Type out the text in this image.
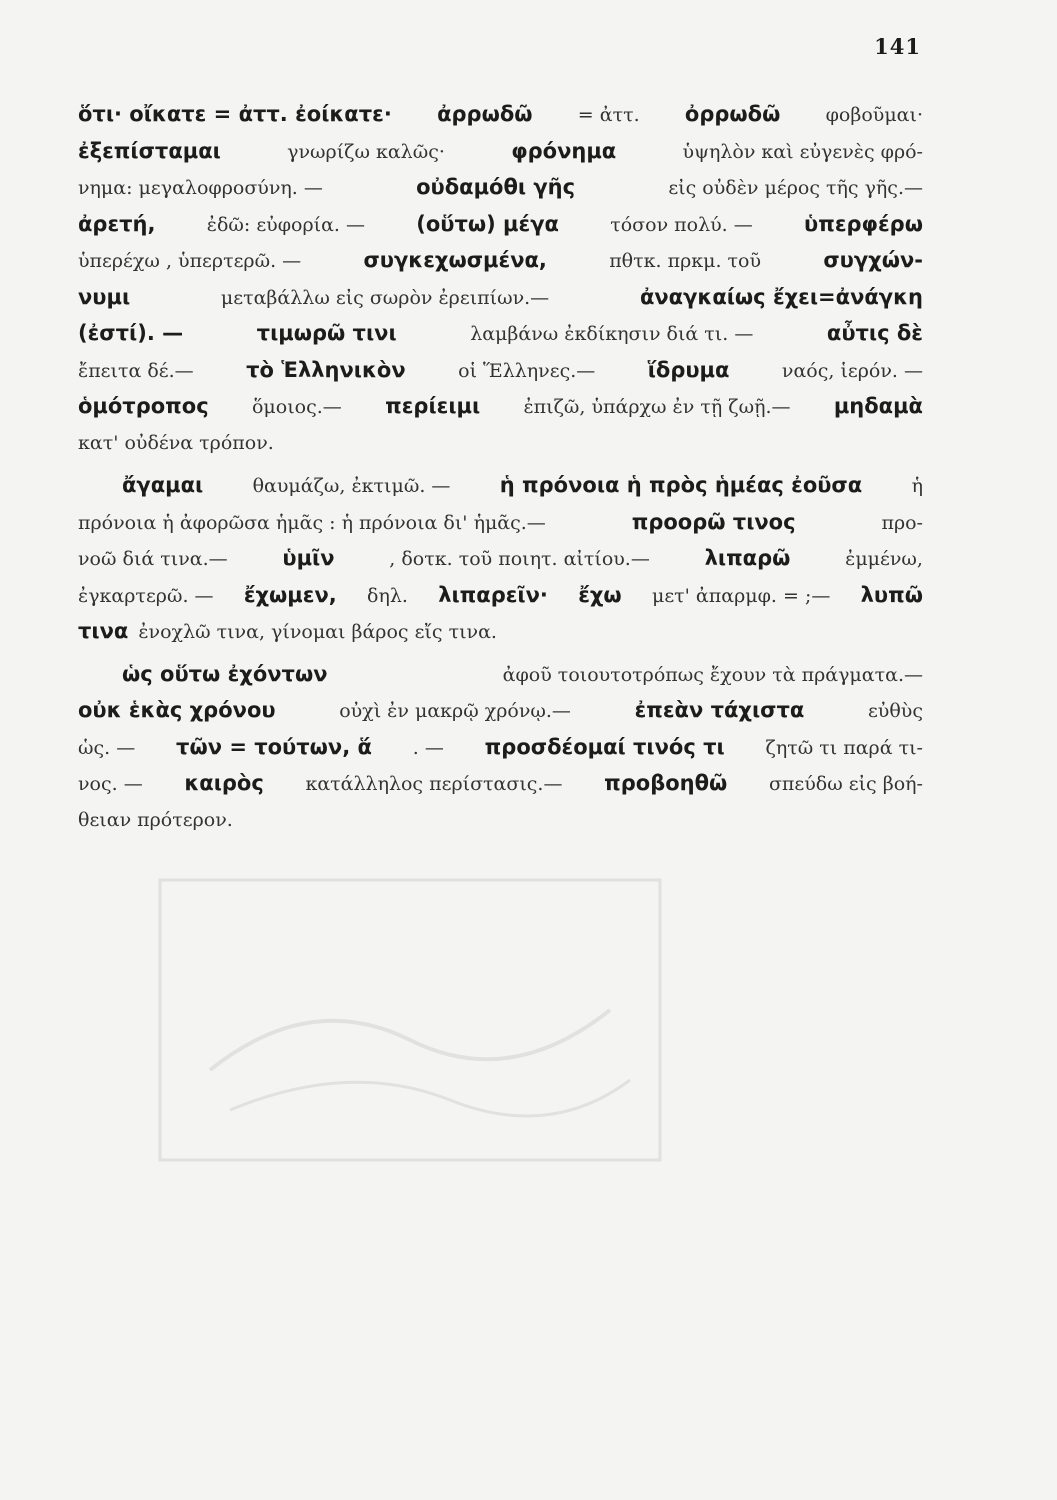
141
ὅτι· οἴκατε = ἀττ. ἐοίκατε· ἀρρωδῶ = ἀττ. ὀρρωδῶ φοβοῦμαι·
ἐξεπίσταμαι	γνωρίζω καλῶς·	φρόνημα	ὑψηλὸν καὶ εὐγενὲς φρό-
νημα: μεγαλοφροσύνη. —	οὐδαμόθι γῆς	εἰς οὐδὲν μέρος τῆς γῆς.—
ἀρετή,	ἐδῶ: εὐφορία. — (οὕτω) μέγα	τόσον πολύ. — ὑπερφέρω
ὑπερέχω , ὑπερτερῶ. —	συγκεχωσμένα,	πθτκ. πρκμ. τοῦ	συγχών-
νυμι	μεταβάλλω εἰς σωρὸν ἐρειπίων.—	ἀναγκαίως ἔχει=ἀνάγκη
(ἐστί). —	τιμωρῶ τινι	λαμβάνω ἐκδίκησιν διά τι. —	αὖτις δὲ
ἔπειτα δέ.— τὸ Ἑλληνικὸν	οἱ Ἕλληνες.— ἵδρυμα	ναός, ἱερόν. —
ὁμότροπος ὅμοιος.— περίειμι ἐπιζῶ, ὑπάρχω ἐν τῇ ζωῇ.— μηδαμὰ
κατ' οὐδένα τρόπον.
ἄγαμαι	θαυμάζω, ἐκτιμῶ. — ἡ πρόνοια ἡ πρὸς ἡμέας ἐοῦσα	ἡ
πρόνοια ἡ ἀφορῶσα ἡμᾶς : ἡ πρόνοια δι' ἡμᾶς.—	προορῶ τινος	προ-
νοῶ διά τινα.—	ὑμῖν	, δοτκ. τοῦ ποιητ. αἰτίου.—	λιπαρῶ	ἐμμένω,
ἐγκαρτερῶ. — ἔχωμεν, δηλ. λιπαρεῖν· ἔχω μετ' ἀπαρμφ. = ;— λυπῶ
τινα ἐνοχλῶ τινα, γίνομαι βάρος εἴς τινα.
ὡς οὕτω ἐχόντων	ἀφοῦ τοιουτοτρόπως ἔχουν τὰ πράγματα.—
οὐκ ἑκὰς χρόνου	οὐχὶ ἐν μακρῷ χρόνῳ.—	ἐπεὰν τάχιστα	εὐθὺς
ὡς. — τῶν = τούτων, ἅ . — προσδέομαί τινός τι ζητῶ τι παρά τι-
νος. — καιρὸς κατάλληλος περίστασις.— προβοηθῶ σπεύδω εἰς βοή-
θειαν πρότερον.
